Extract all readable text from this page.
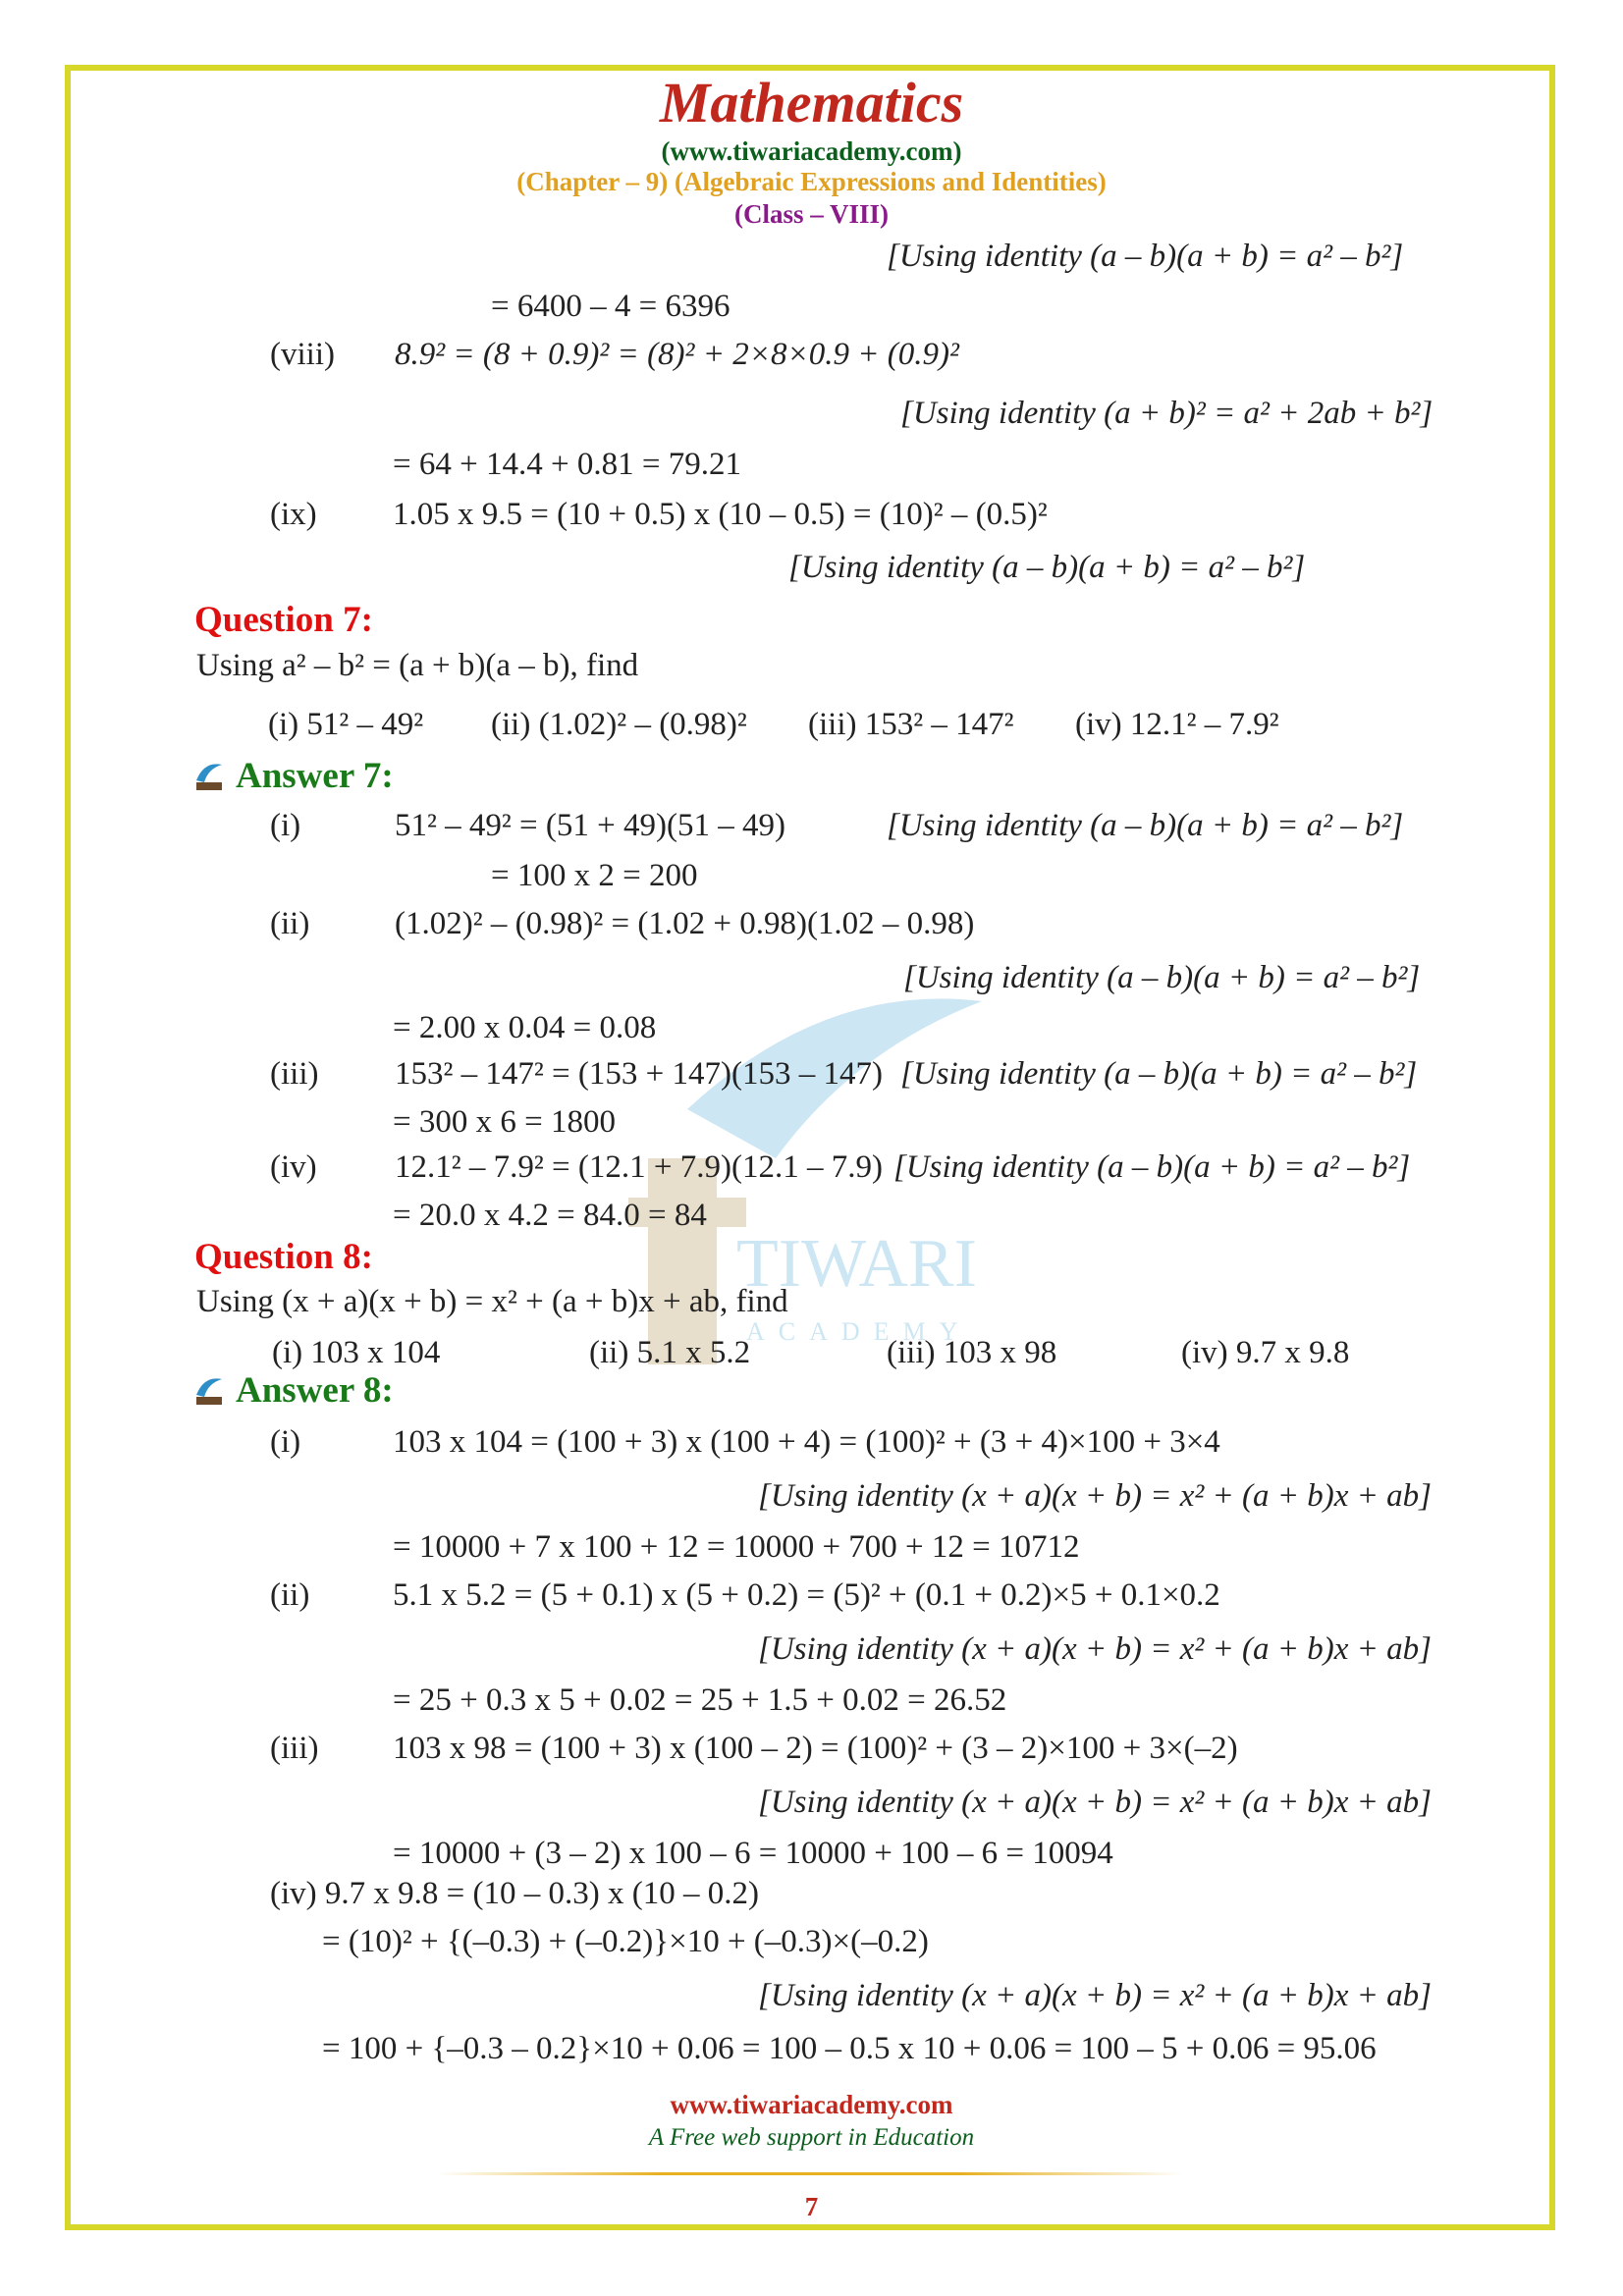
Mathematics
(www.tiwariacademy.com)
(Chapter – 9) (Algebraic Expressions and Identities)
(Class – VIII)
TIWARI
ACADEMY
[Using identity (a – b)(a + b) = a² – b²]
= 6400 – 4 = 6396
(viii) 8.9² = (8 + 0.9)² = (8)² + 2×8×0.9 + (0.9)²
[Using identity (a + b)² = a² + 2ab + b²]
= 64 + 14.4 + 0.81 = 79.21
(ix) 1.05 x 9.5 = (10 + 0.5) x (10 – 0.5) = (10)² – (0.5)²
[Using identity (a – b)(a + b) = a² – b²]
Question 7:
Using a² – b² = (a + b)(a – b), find
(i) 51² – 49² (ii) (1.02)² – (0.98)² (iii) 153² – 147² (iv) 12.1² – 7.9²
Answer 7:
(i)	51² – 49² = (51 + 49)(51 – 49)	[Using identity (a – b)(a + b) = a² – b²]
= 100 x 2 = 200
(ii)	(1.02)² – (0.98)² = (1.02 + 0.98)(1.02 – 0.98)
[Using identity (a – b)(a + b) = a² – b²]
= 2.00 x 0.04 = 0.08
(iii) 153² – 147² = (153 + 147)(153 – 147) [Using identity (a – b)(a + b) = a² – b²]
= 300 x 6 = 1800
(iv) 12.1² – 7.9² = (12.1 + 7.9)(12.1 – 7.9) [Using identity (a – b)(a + b) = a² – b²]
= 20.0 x 4.2 = 84.0 = 84
Question 8:
Using (x + a)(x + b) = x² + (a + b)x + ab, find
(i) 103 x 104	(ii) 5.1 x 5.2	(iii) 103 x 98	(iv) 9.7 x 9.8
Answer 8:
(i)	103 x 104 = (100 + 3) x (100 + 4) = (100)² + (3 + 4)×100 + 3×4
[Using identity (x + a)(x + b) = x² + (a + b)x + ab]
= 10000 + 7 x 100 + 12 = 10000 + 700 + 12 = 10712
(ii)	5.1 x 5.2 = (5 + 0.1) x (5 + 0.2) = (5)² + (0.1 + 0.2)×5 + 0.1×0.2
[Using identity (x + a)(x + b) = x² + (a + b)x + ab]
= 25 + 0.3 x 5 + 0.02 = 25 + 1.5 + 0.02 = 26.52
(iii) 103 x 98 = (100 + 3) x (100 – 2) = (100)² + (3 – 2)×100 + 3×(–2)
[Using identity (x + a)(x + b) = x² + (a + b)x + ab]
= 10000 + (3 – 2) x 100 – 6 = 10000 + 100 – 6 = 10094
(iv) 9.7 x 9.8 = (10 – 0.3) x (10 – 0.2)
= (10)² + {(–0.3) + (–0.2)}×10 + (–0.3)×(–0.2)
[Using identity (x + a)(x + b) = x² + (a + b)x + ab]
= 100 + {–0.3 – 0.2}×10 + 0.06 = 100 – 0.5 x 10 + 0.06 = 100 – 5 + 0.06 = 95.06
www.tiwariacademy.com
A Free web support in Education
7
